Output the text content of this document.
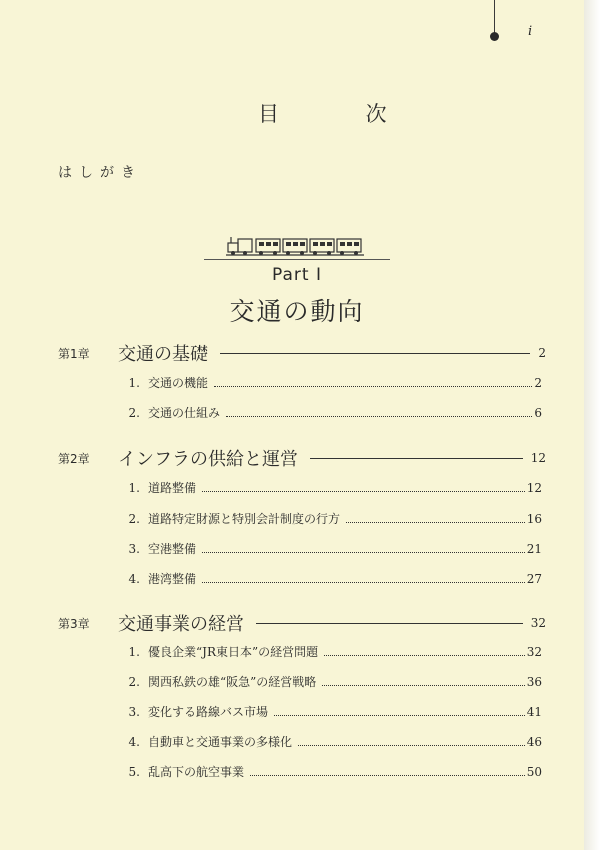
i
目 次
はしがき
Part I
交通の動向
第1章	交通の基礎	2
1. 交通の機能	2
2. 交通の仕組み	6
第2章	インフラの供給と運営	12
1. 道路整備	12
2. 道路特定財源と特別会計制度の行方	16
3. 空港整備	21
4. 港湾整備	27
第3章	交通事業の経営	32
1. 優良企業“JR東日本”の経営問題	32
2. 関西私鉄の雄“阪急”の経営戦略	36
3. 変化する路線バス市場	41
4. 自動車と交通事業の多様化	46
5. 乱高下の航空事業	50
